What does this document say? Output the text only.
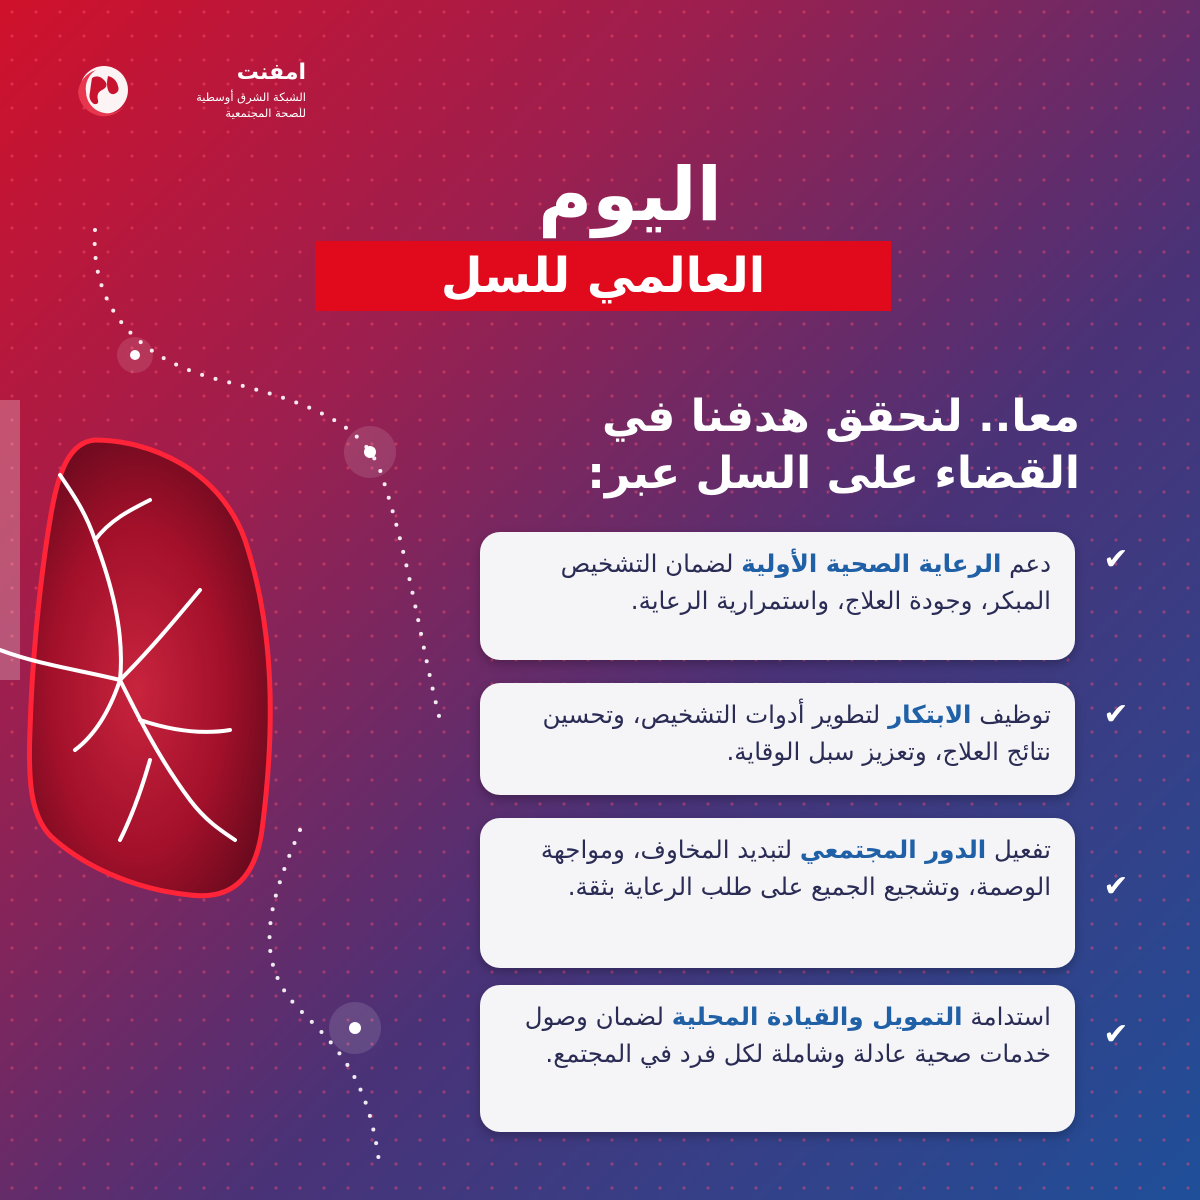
امفنت
الشبكة الشرق أوسطية
للصحة المجتمعية
اليوم
العالمي للسل
معا.. لنحقق هدفنا في
القضاء على السل عبر:
دعم الرعاية الصحية الأولية لضمان التشخيص المبكر، وجودة العلاج، واستمرارية الرعاية.
توظيف الابتكار لتطوير أدوات التشخيص، وتحسين نتائج العلاج، وتعزيز سبل الوقاية.
تفعيل الدور المجتمعي لتبديد المخاوف، ومواجهة الوصمة، وتشجيع الجميع على طلب الرعاية بثقة.
استدامة التمويل والقيادة المحلية لضمان وصول خدمات صحية عادلة وشاملة لكل فرد في المجتمع.
✔
✔
✔
✔
